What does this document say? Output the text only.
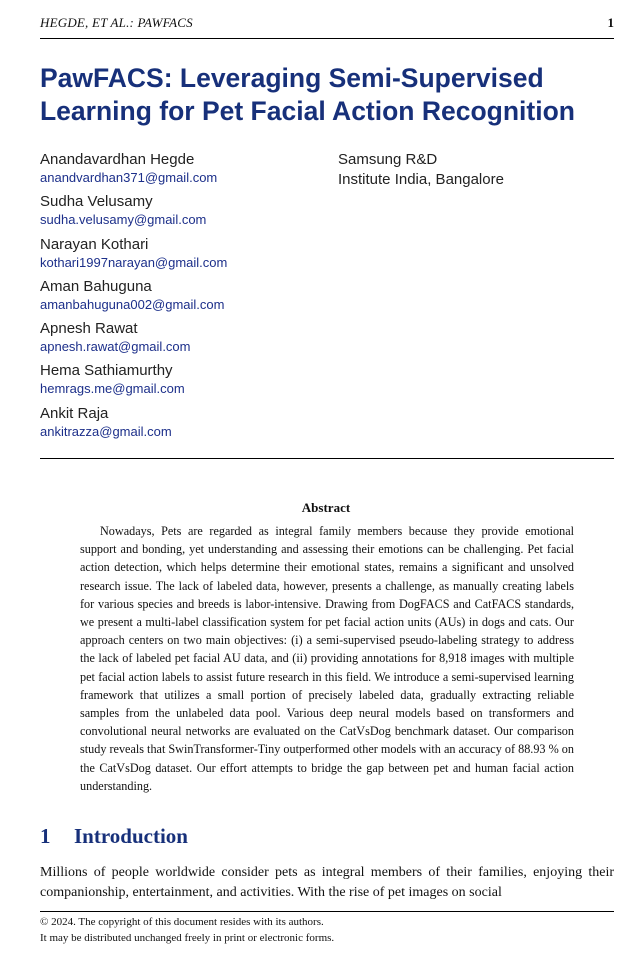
HEGDE, ET AL.: PAWFACS	1
PawFACS: Leveraging Semi-Supervised Learning for Pet Facial Action Recognition
Anandavardhan Hegde
anandvardhan371@gmail.com
Sudha Velusamy
sudha.velusamy@gmail.com
Narayan Kothari
kothari1997narayan@gmail.com
Aman Bahuguna
amanbahuguna002@gmail.com
Apnesh Rawat
apnesh.rawat@gmail.com
Hema Sathiamurthy
hemrags.me@gmail.com
Ankit Raja
ankitrazza@gmail.com
Samsung R&D
Institute India, Bangalore
Abstract

Nowadays, Pets are regarded as integral family members because they provide emotional support and bonding, yet understanding and assessing their emotions can be challenging. Pet facial action detection, which helps determine their emotional states, remains a significant and unsolved research issue. The lack of labeled data, however, presents a challenge, as manually creating labels for various species and breeds is labor-intensive. Drawing from DogFACS and CatFACS standards, we present a multi-label classification system for pet facial action units (AUs) in dogs and cats. Our approach centers on two main objectives: (i) a semi-supervised pseudo-labeling strategy to address the lack of labeled pet facial AU data, and (ii) providing annotations for 8,918 images with multiple pet facial action labels to assist future research in this field. We introduce a semi-supervised learning framework that utilizes a small portion of precisely labeled data, gradually extracting reliable samples from the unlabeled data pool. Various deep neural models based on transformers and convolutional neural networks are evaluated on the CatVsDog benchmark dataset. Our comparison study reveals that SwinTransformer-Tiny outperformed other models with an accuracy of 88.93 % on the CatVsDog dataset. Our effort attempts to bridge the gap between pet and human facial action understanding.

1 Introduction

Millions of people worldwide consider pets as integral members of their families, enjoying their companionship, entertainment, and activities. With the rise of pet images on social

© 2024. The copyright of this document resides with its authors.
It may be distributed unchanged freely in print or electronic forms.
